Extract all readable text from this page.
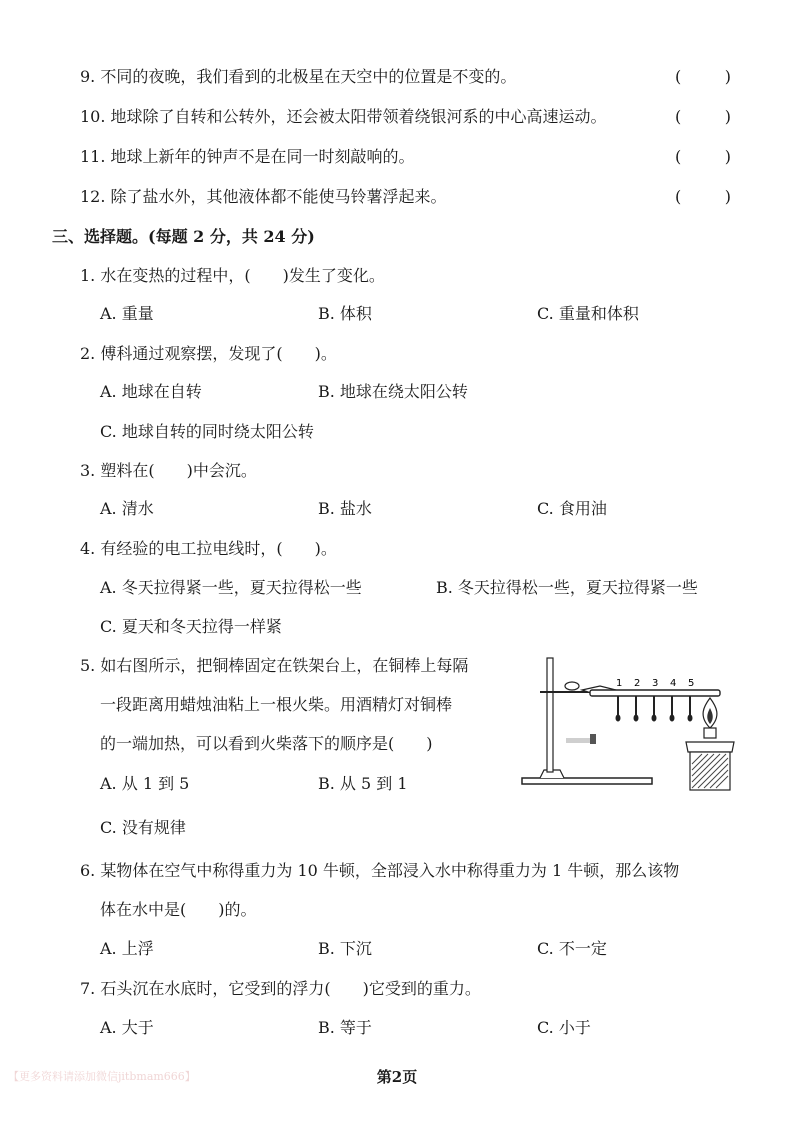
9. 不同的夜晚，我们看到的北极星在天空中的位置是不变的。	(	)
10. 地球除了自转和公转外，还会被太阳带领着绕银河系的中心高速运动。	(	)
11. 地球上新年的钟声不是在同一时刻敲响的。	(	)
12. 除了盐水外，其他液体都不能使马铃薯浮起来。	(	)
三、选择题。(每题 2 分，共 24 分)
1. 水在变热的过程中，(　　)发生了变化。
A. 重量	B. 体积	C. 重量和体积
2. 傅科通过观察摆，发现了(　　)。
A. 地球在自转	B. 地球在绕太阳公转
C. 地球自转的同时绕太阳公转
3. 塑料在(　　)中会沉。
A. 清水	B. 盐水	C. 食用油
4. 有经验的电工拉电线时，(　　)。
A. 冬天拉得紧一些，夏天拉得松一些	B. 冬天拉得松一些，夏天拉得紧一些
C. 夏天和冬天拉得一样紧
5. 如右图所示，把铜棒固定在铁架台上，在铜棒上每隔
一段距离用蜡烛油粘上一根火柴。用酒精灯对铜棒
的一端加热，可以看到火柴落下的顺序是(　　)
A. 从 1 到 5	B. 从 5 到 1
C. 没有规律
1 2 3 4 5
6. 某物体在空气中称得重力为 10 牛顿，全部浸入水中称得重力为 1 牛顿，那么该物
体在水中是(　　)的。
A. 上浮	B. 下沉	C. 不一定
7. 石头沉在水底时，它受到的浮力(　　)它受到的重力。
A. 大于	B. 等于	C. 小于
【更多资料请添加微信jitbmam666】	第2页
